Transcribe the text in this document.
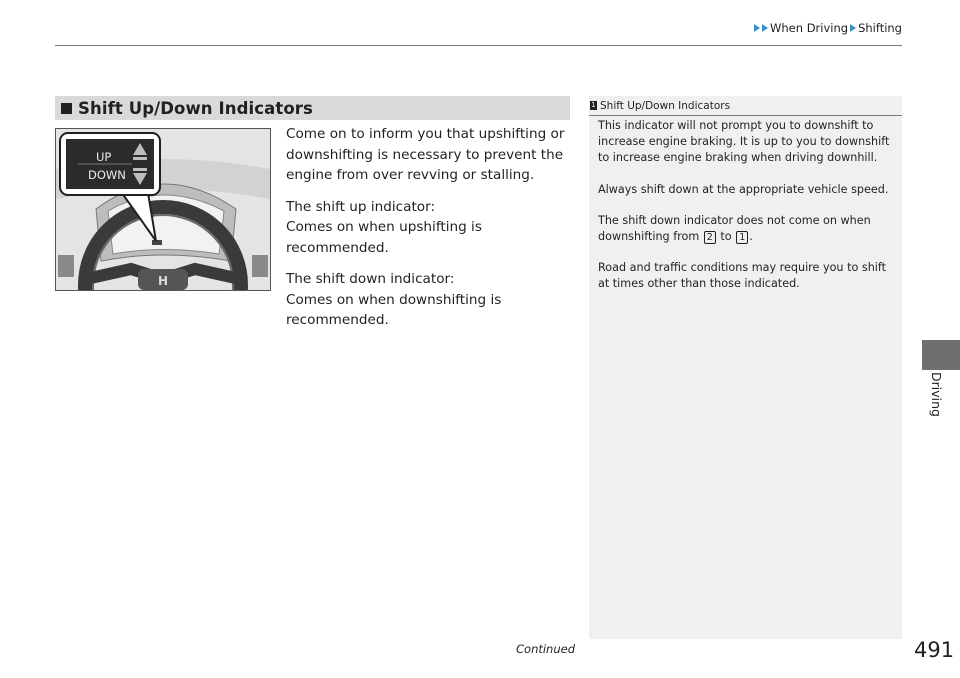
When Driving Shifting
Shift Up/Down Indicators
H
UP
DOWN

Come on to inform you that upshifting or downshifting is necessary to prevent the engine from over revving or stalling.

The shift up indicator:

Comes on when upshifting is recommended.

The shift down indicator:

Comes on when downshifting is recommended.

1 Shift Up/Down Indicators

This indicator will not prompt you to downshift to increase engine braking. It is up to you to downshift to increase engine braking when driving downhill.

Always shift down at the appropriate vehicle speed.

The shift down indicator does not come on when downshifting from 2 to 1 .

Road and traffic conditions may require you to shift at times other than those indicated.

Driving
Continued	491
